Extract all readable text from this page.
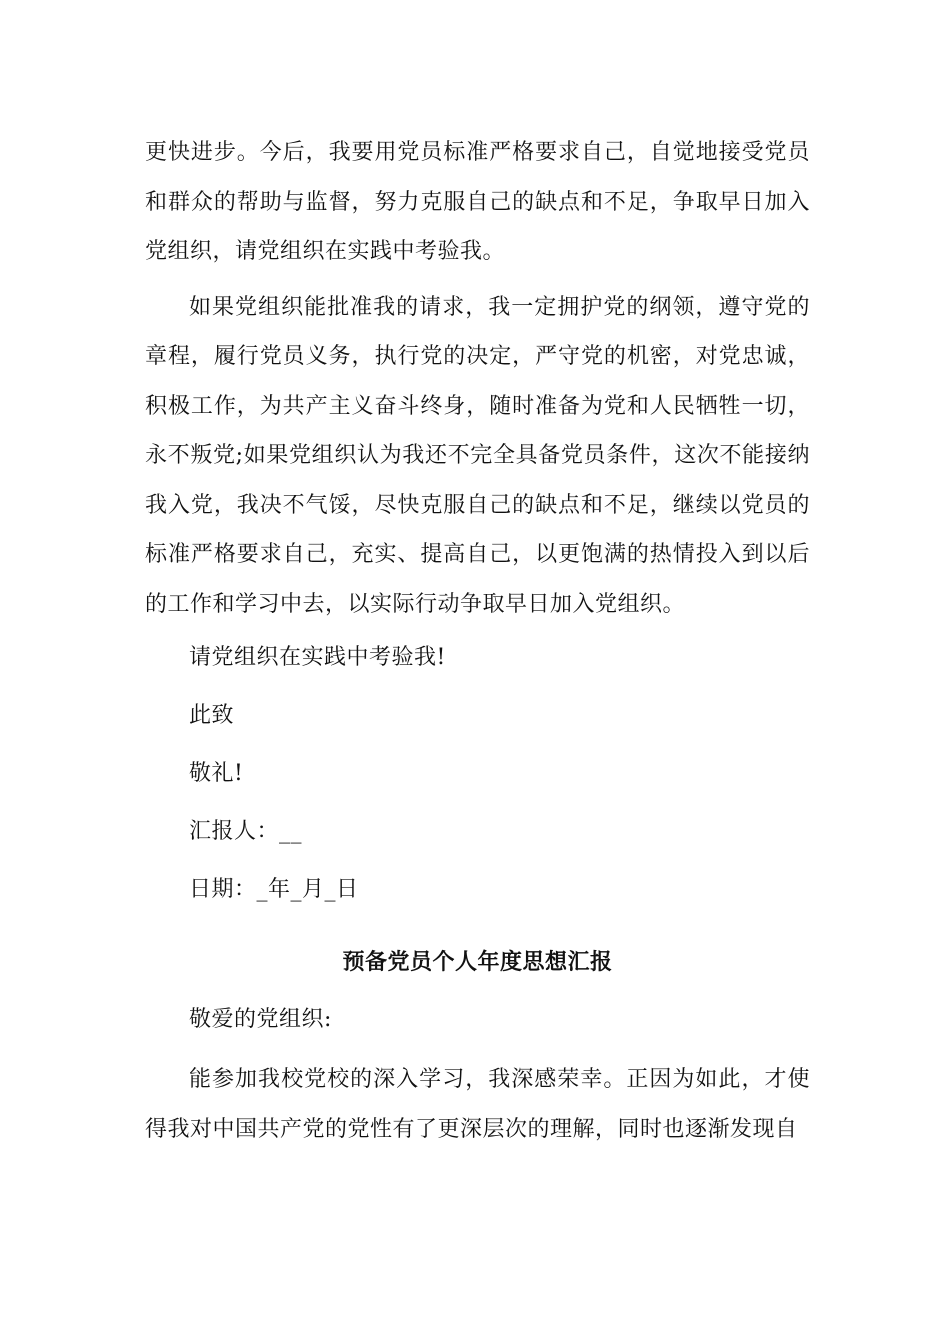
更快进步。今后，我要用党员标准严格要求自己，自觉地接受党员和群众的帮助与监督，努力克服自己的缺点和不足，争取早日加入党组织，请党组织在实践中考验我。

如果党组织能批准我的请求，我一定拥护党的纲领，遵守党的章程，履行党员义务，执行党的决定，严守党的机密，对党忠诚，积极工作，为共产主义奋斗终身，随时准备为党和人民牺牲一切，永不叛党;如果党组织认为我还不完全具备党员条件，这次不能接纳我入党，我决不气馁，尽快克服自己的缺点和不足，继续以党员的标准严格要求自己，充实、提高自己，以更饱满的热情投入到以后的工作和学习中去，以实际行动争取早日加入党组织。

请党组织在实践中考验我!

此致

敬礼!

汇报人：__

日期：_年_月_日

预备党员个人年度思想汇报

敬爱的党组织:

能参加我校党校的深入学习，我深感荣幸。正因为如此，才使得我对中国共产党的党性有了更深层次的理解，同时也逐渐发现自
